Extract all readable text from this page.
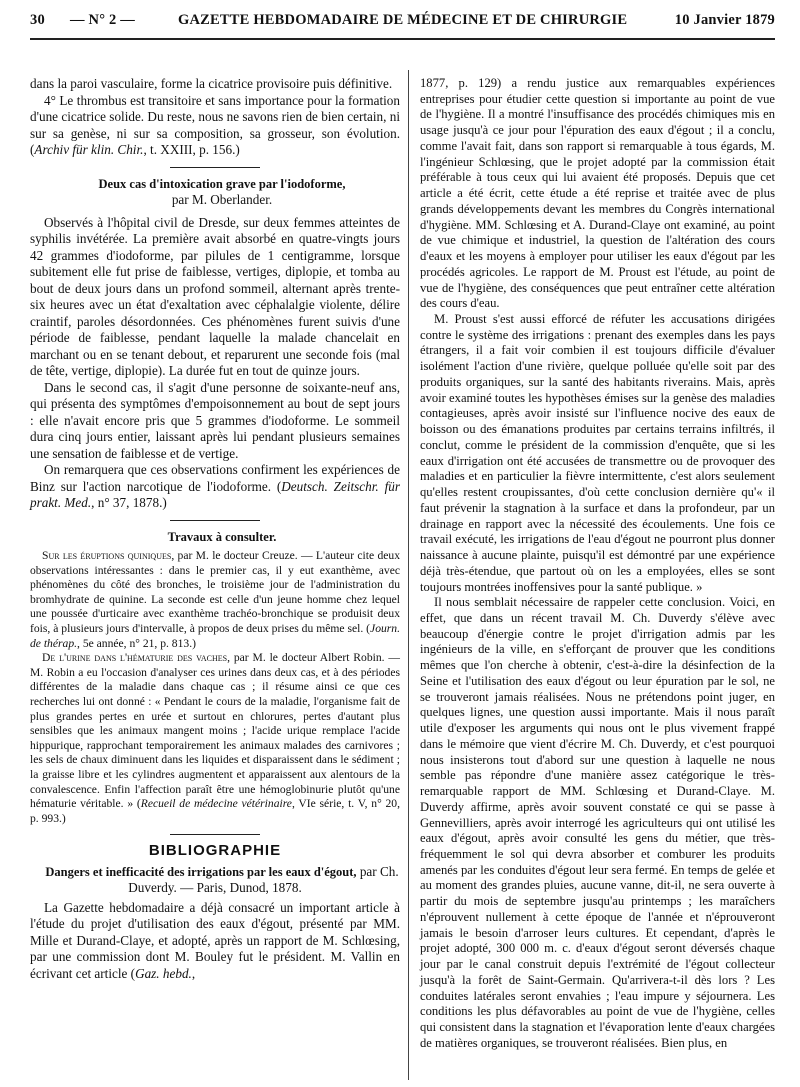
30 — N° 2 —	GAZETTE HEBDOMADAIRE DE MÉDECINE ET DE CHIRURGIE	10 Janvier 1879

dans la paroi vasculaire, forme la cicatrice provisoire puis définitive.

4° Le thrombus est transitoire et sans importance pour la formation d'une cicatrice solide. Du reste, nous ne savons rien de bien certain, ni sur sa genèse, ni sur sa composition, sa grosseur, son évolution. (Archiv für klin. Chir., t. XXIII, p. 156.)

Deux cas d'intoxication grave par l'iodoforme,

par M. Oberlander.

Observés à l'hôpital civil de Dresde, sur deux femmes atteintes de syphilis invétérée. La première avait absorbé en quatre-vingts jours 42 grammes d'iodoforme, par pilules de 1 centigramme, lorsque subitement elle fut prise de faiblesse, vertiges, diplopie, et tomba au bout de deux jours dans un profond sommeil, alternant après trente-six heures avec un état d'exaltation avec céphalalgie violente, délire craintif, paroles désordonnées. Ces phénomènes furent suivis d'une période de faiblesse, pendant laquelle la malade chancelait en marchant ou en se tenant debout, et reparurent une seconde fois (mal de tête, vertige, diplopie). La durée fut en tout de quinze jours.

Dans le second cas, il s'agit d'une personne de soixante-neuf ans, qui présenta des symptômes d'empoisonnement au bout de sept jours : elle n'avait encore pris que 5 grammes d'iodoforme. Le sommeil dura cinq jours entier, laissant après lui pendant plusieurs semaines une sensation de faiblesse et de vertige.

On remarquera que ces observations confirment les expériences de Binz sur l'action narcotique de l'iodoforme. (Deutsch. Zeitschr. für prakt. Med., n° 37, 1878.)

Travaux à consulter.

Sur les éruptions quiniques, par M. le docteur Creuze. — L'auteur cite deux observations intéressantes : dans le premier cas, il y eut exanthème, avec phénomènes du côté des bronches, le troisième jour de l'administration du bromhydrate de quinine. La seconde est celle d'un jeune homme chez lequel une poussée d'urticaire avec exanthème trachéo-bronchique se produisit deux fois, à plusieurs jours d'intervalle, à propos de deux prises du même sel. (Journ. de thérap., 5e année, n° 21, p. 813.)

De l'urine dans l'hématurie des vaches, par M. le docteur Albert Robin. — M. Robin a eu l'occasion d'analyser ces urines dans deux cas, et à des périodes différentes de la maladie dans chaque cas ; il résume ainsi ce que ces recherches lui ont donné : « Pendant le cours de la maladie, l'organisme fait de plus grandes pertes en urée et surtout en chlorures, pertes d'autant plus sensibles que les animaux mangent moins ; l'acide urique remplace l'acide hippurique, rapprochant temporairement les animaux malades des carnivores ; les sels de chaux diminuent dans les liquides et disparaissent dans le sédiment ; la graisse libre et les cylindres augmentent et apparaissent aux alentours de la convalescence. Enfin l'affection paraît être une hémoglobinurie plutôt qu'une hématurie véritable. » (Recueil de médecine vétérinaire, VIe série, t. V, n° 20, p. 993.)

BIBLIOGRAPHIE

Dangers et inefficacité des irrigations par les eaux d'égout, par Ch. Duverdy. — Paris, Dunod, 1878.

La Gazette hebdomadaire a déjà consacré un important article à l'étude du projet d'utilisation des eaux d'égout, présenté par MM. Mille et Durand-Claye, et adopté, après un rapport de M. Schlœsing, par une commission dont M. Bouley fut le président. M. Vallin en écrivant cet article (Gaz. hebd.,

1877, p. 129) a rendu justice aux remarquables expériences entreprises pour étudier cette question si importante au point de vue de l'hygiène. Il a montré l'insuffisance des procédés chimiques mis en usage jusqu'à ce jour pour l'épuration des eaux d'égout ; il a conclu, comme l'avait fait, dans son rapport si remarquable à tous égards, M. l'ingénieur Schlœsing, que le projet adopté par la commission était préférable à tous ceux qui lui avaient été proposés. Depuis que cet article a été écrit, cette étude a été reprise et traitée avec de plus grands développements devant les membres du Congrès international d'hygiène. MM. Schlœsing et A. Durand-Claye ont examiné, au point de vue chimique et industriel, la question de l'altération des cours d'eaux et les moyens à employer pour utiliser les eaux d'égout par les procédés agricoles. Le rapport de M. Proust est l'étude, au point de vue de l'hygiène, des conséquences que peut entraîner cette altération des cours d'eau.

M. Proust s'est aussi efforcé de réfuter les accusations dirigées contre le système des irrigations : prenant des exemples dans les pays étrangers, il a fait voir combien il est toujours difficile d'évaluer isolément l'action d'une rivière, quelque polluée qu'elle soit par des produits organiques, sur la santé des habitants riverains. Mais, après avoir examiné toutes les hypothèses émises sur la genèse des maladies contagieuses, après avoir insisté sur l'influence nocive des eaux de boisson ou des émanations produites par certains terrains infiltrés, il conclut, comme le président de la commission d'enquête, que si les eaux d'irrigation ont été accusées de transmettre ou de provoquer des maladies et en particulier la fièvre intermittente, c'est alors seulement qu'elles restent croupissantes, d'où cette conclusion dernière qu'« il faut prévenir la stagnation à la surface et dans la profondeur, par un drainage en rapport avec la nécessité des écoulements. Une fois ce travail exécuté, les irrigations de l'eau d'égout ne pourront plus donner naissance à aucune plainte, puisqu'il est démontré par une expérience déjà très-étendue, que partout où on les a employées, elles se sont toujours montrées inoffensives pour la santé publique. »

Il nous semblait nécessaire de rappeler cette conclusion. Voici, en effet, que dans un récent travail M. Ch. Duverdy s'élève avec beaucoup d'énergie contre le projet d'irrigation admis par les ingénieurs de la ville, en s'efforçant de prouver que les conditions mêmes que l'on cherche à obtenir, c'est-à-dire la désinfection de la Seine et l'utilisation des eaux d'égout ou leur épuration par le sol, ne se trouveront jamais réalisées. Nous ne prétendons point juger, en quelques lignes, une question aussi importante. Mais il nous paraît utile d'exposer les arguments qui nous ont le plus vivement frappé dans le mémoire que vient d'écrire M. Ch. Duverdy, et c'est pourquoi nous insisterons tout d'abord sur une question à laquelle ne nous semble pas répondre d'une manière assez catégorique le très-remarquable rapport de MM. Schlœsing et Durand-Claye. M. Duverdy affirme, après avoir souvent constaté ce qui se passe à Gennevilliers, après avoir interrogé les agriculteurs qui ont utilisé les eaux d'égout, après avoir consulté les gens du métier, que très-fréquemment le sol qui devra absorber et comburer les produits amenés par les conduites d'égout leur sera fermé. En temps de gelée et au moment des grandes pluies, aucune vanne, dit-il, ne sera ouverte à partir du mois de septembre jusqu'au printemps ; les maraîchers n'éprouvent nullement à cette époque de l'année et n'éprouveront jamais le besoin d'arroser leurs cultures. Et cependant, d'après le projet adopté, 300 000 m. c. d'eaux d'égout seront déversés chaque jour par le canal construit depuis l'extrémité de l'égout collecteur jusqu'à la forêt de Saint-Germain. Qu'arrivera-t-il dès lors ? Les conduites latérales seront envahies ; l'eau impure y séjournera. Les conditions les plus défavorables au point de vue de l'hygiène, celles qui consistent dans la stagnation et l'évaporation lente d'eaux chargées de matières organiques, se trouveront réalisées. Bien plus, en
